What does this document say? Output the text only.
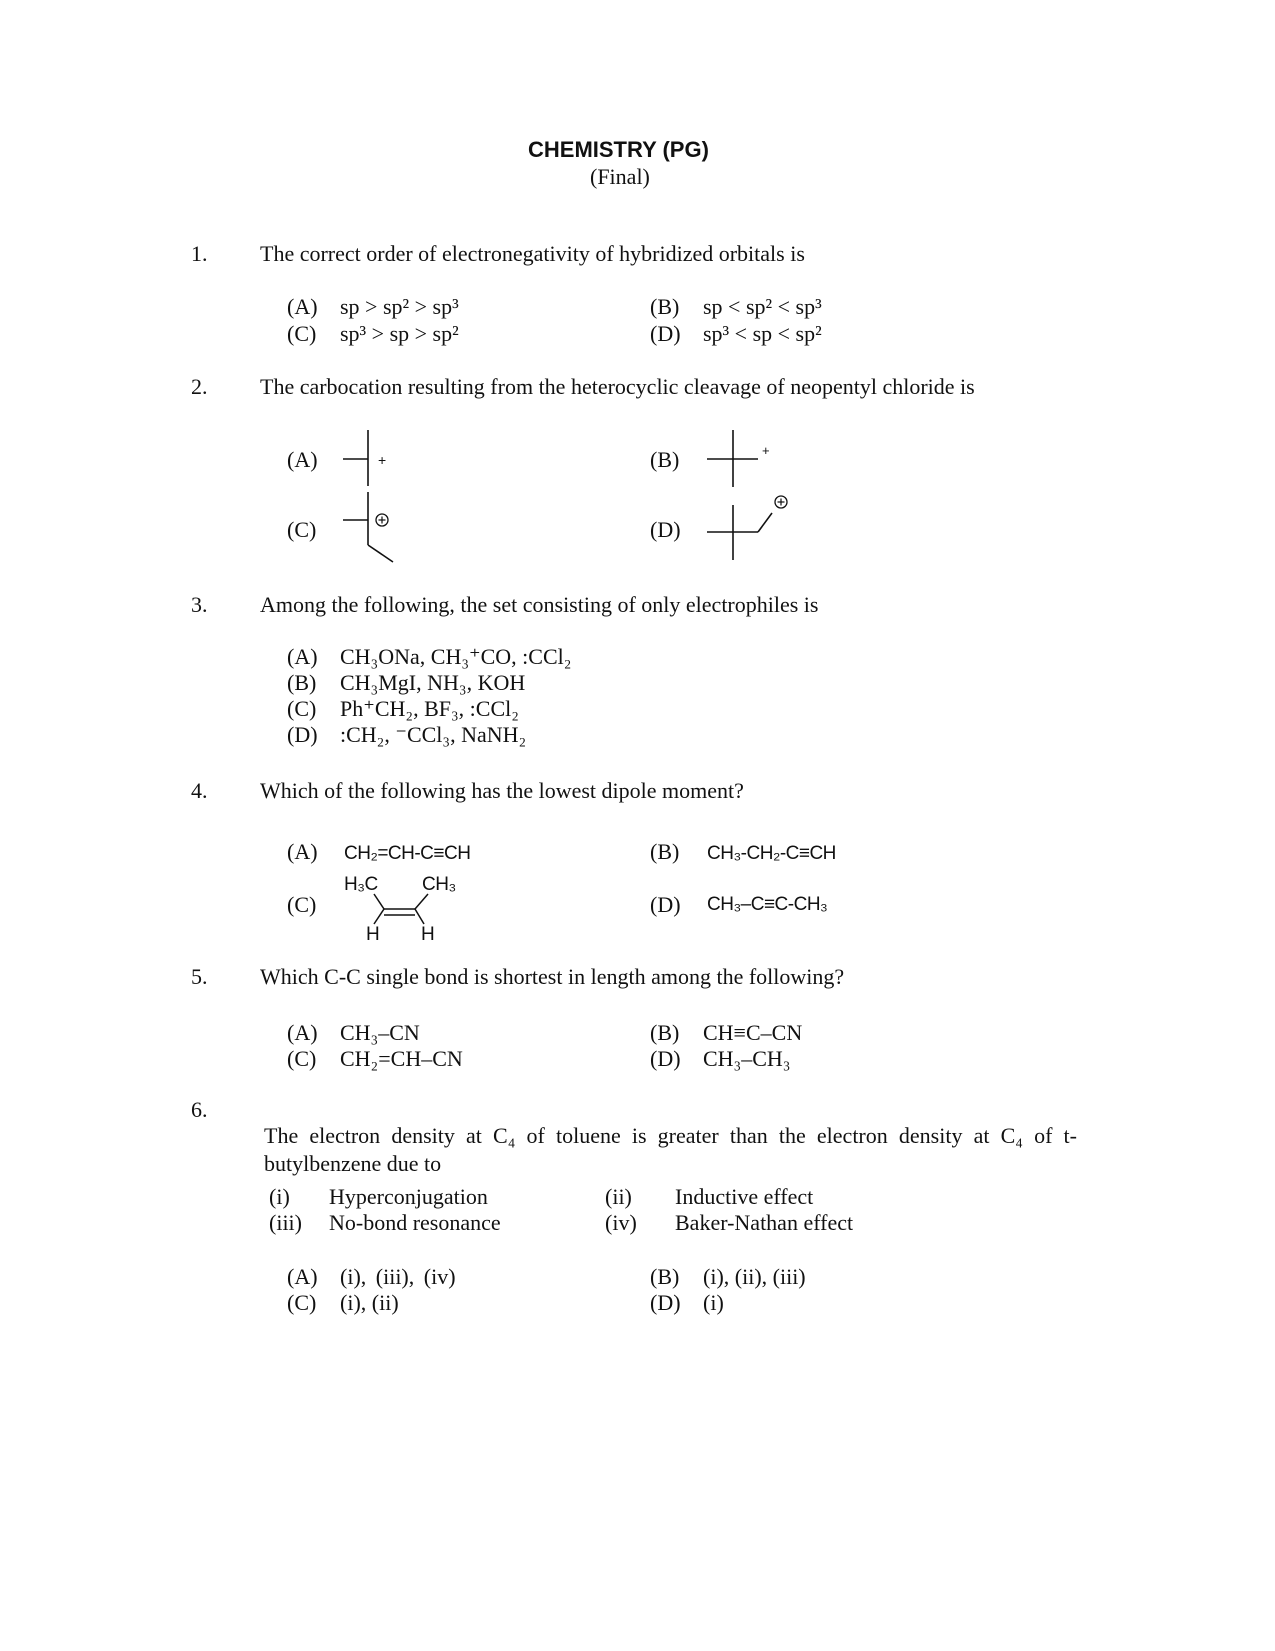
CHEMISTRY (PG)
(Final)
1. The correct order of electronegativity of hybridized orbitals is
(A) sp > sp² > sp³	(B) sp < sp² < sp³
(C) sp³ > sp > sp²	(D) sp³ < sp < sp²
2. The carbocation resulting from the heterocyclic cleavage of neopentyl chloride is
(A)	+	(B)	+
(C)	(D)
3. Among the following, the set consisting of only electrophiles is
(A) CH₃ONa, CH₃⁺CO, :CCl₂
(B) CH₃MgI, NH₃, KOH
(C) Ph⁺CH₂, BF₃, :CCl₂
(D) :CH₂, ⁻CCl₃, NaNH₂
4. Which of the following has the lowest dipole moment?
(A) CH₂=CH-C≡CH	(B) CH₃-CH₂-C≡CH
(C)
H₃C CH₃
H H
(D) CH₃–C≡C-CH₃
5. Which C-C single bond is shortest in length among the following?
(A) CH₃–CN	(B) CH≡C–CN
(C) CH₂=CH–CN	(D) CH₃–CH₃
6.
The electron density at C₄ of toluene is greater than the electron density at C₄ of t-butylbenzene due to
(i) Hyperconjugation	(ii) Inductive effect
(iii) No-bond resonance	(iv) Baker-Nathan effect
(A) (i), (iii), (iv)	(B) (i), (ii), (iii)
(C) (i), (ii)	(D) (i)
